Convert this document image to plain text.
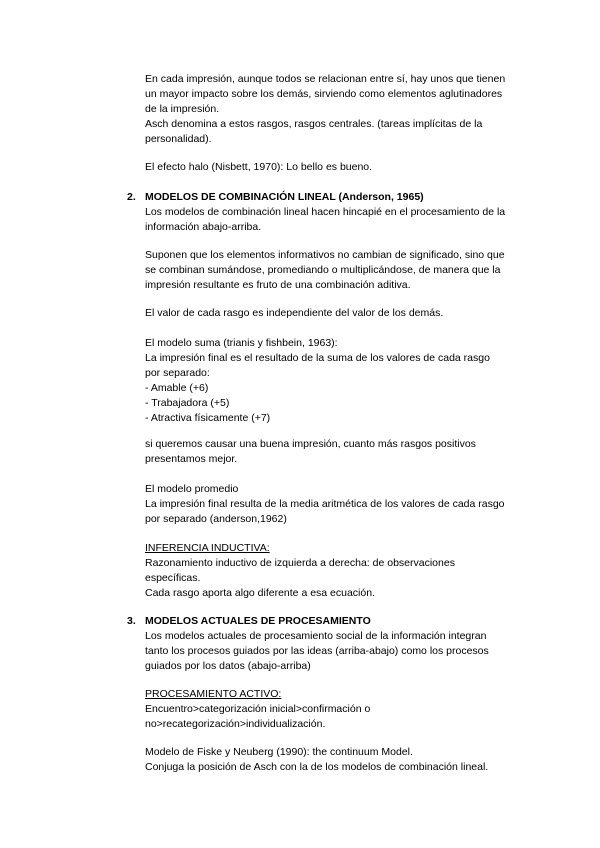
En cada impresión, aunque todos se relacionan entre sí, hay unos que tienen
un mayor impacto sobre los demás, sirviendo como elementos aglutinadores
de la impresión.
Asch denomina a estos rasgos, rasgos centrales. (tareas implícitas de la
personalidad).
El efecto halo (Nisbett, 1970): Lo bello es bueno.
2. MODELOS DE COMBINACIÓN LINEAL (Anderson, 1965)
Los modelos de combinación lineal hacen hincapié en el procesamiento de la
información abajo-arriba.
Suponen que los elementos informativos no cambian de significado, sino que
se combinan sumándose, promediando o multiplicándose, de manera que la
impresión resultante es fruto de una combinación aditiva.
El valor de cada rasgo es independiente del valor de los demás.
El modelo suma (trianis y fishbein, 1963):
La impresión final es el resultado de la suma de los valores de cada rasgo
por separado:
- Amable (+6)
- Trabajadora (+5)
- Atractiva físicamente (+7)
si queremos causar una buena impresión, cuanto más rasgos positivos
presentamos mejor.
El modelo promedio
La impresión final resulta de la media aritmética de los valores de cada rasgo
por separado (anderson,1962)
INFERENCIA INDUCTIVA:
Razonamiento inductivo de izquierda a derecha: de observaciones
específicas.
Cada rasgo aporta algo diferente a esa ecuación.
3. MODELOS ACTUALES DE PROCESAMIENTO
Los modelos actuales de procesamiento social de la información integran
tanto los procesos guiados por las ideas (arriba-abajo) como los procesos
guiados por los datos (abajo-arriba)
PROCESAMIENTO ACTIVO:
Encuentro>categorización inicial>confirmación o
no>recategorización>individualización.
Modelo de Fiske y Neuberg (1990): the continuum Model.
Conjuga la posición de Asch con la de los modelos de combinación lineal.
